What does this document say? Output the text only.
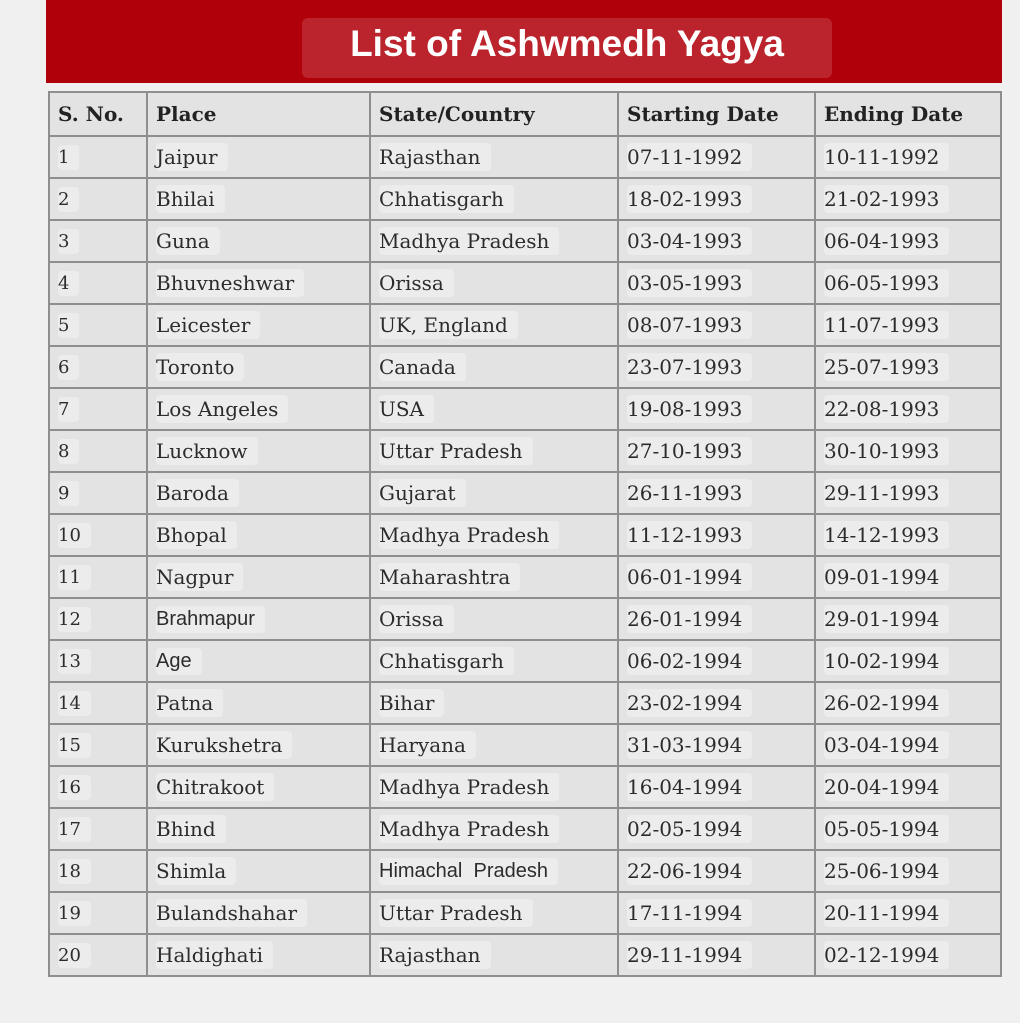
List of Ashwmedh Yagya
S. No.	Place	State/Country	Starting Date	Ending Date
1	Jaipur	Rajasthan	07-11-1992	10-11-1992
2	Bhilai	Chhatisgarh	18-02-1993	21-02-1993
3	Guna	Madhya Pradesh	03-04-1993	06-04-1993
4	Bhuvneshwar	Orissa	03-05-1993	06-05-1993
5	Leicester	UK, England	08-07-1993	11-07-1993
6	Toronto	Canada	23-07-1993	25-07-1993
7	Los Angeles	USA	19-08-1993	22-08-1993
8	Lucknow	Uttar Pradesh	27-10-1993	30-10-1993
9	Baroda	Gujarat	26-11-1993	29-11-1993
10	Bhopal	Madhya Pradesh	11-12-1993	14-12-1993
11	Nagpur	Maharashtra	06-01-1994	09-01-1994
12	Brahmapur	Orissa	26-01-1994	29-01-1994
13	Age	Chhatisgarh	06-02-1994	10-02-1994
14	Patna	Bihar	23-02-1994	26-02-1994
15	Kurukshetra	Haryana	31-03-1994	03-04-1994
16	Chitrakoot	Madhya Pradesh	16-04-1994	20-04-1994
17	Bhind	Madhya Pradesh	02-05-1994	05-05-1994
18	Shimla	Himachal  Pradesh	22-06-1994	25-06-1994
19	Bulandshahar	Uttar Pradesh	17-11-1994	20-11-1994
20	Haldighati	Rajasthan	29-11-1994	02-12-1994
